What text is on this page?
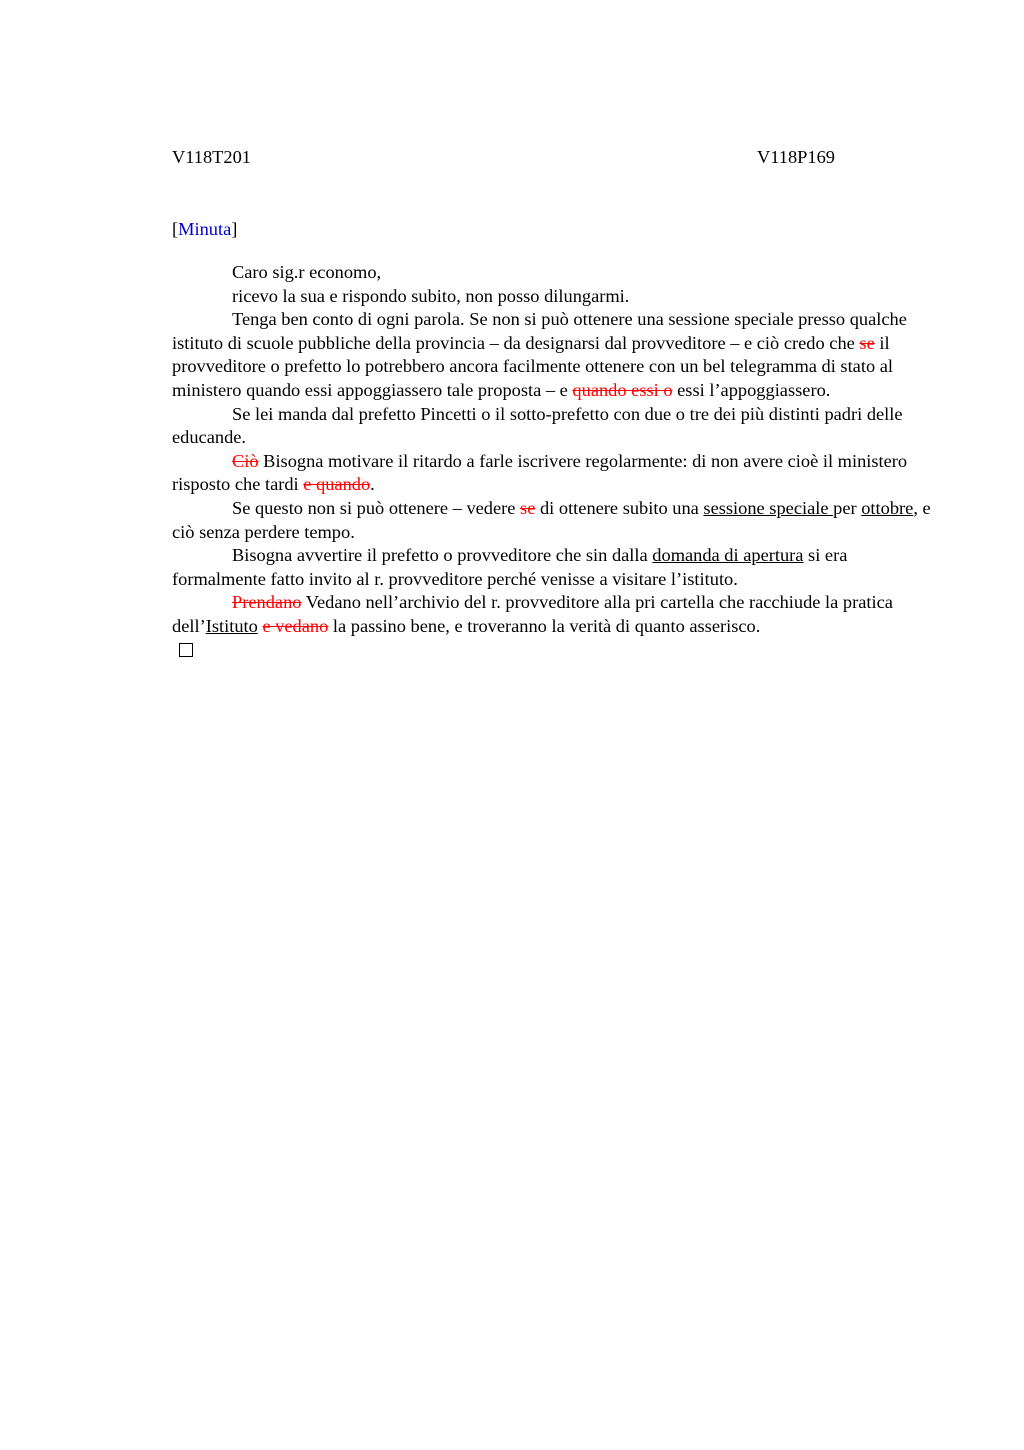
V118T201	V118P169
[Minuta]

Caro sig.r economo,

ricevo la sua e rispondo subito, non posso dilungarmi.

Tenga ben conto di ogni parola. Se non si può ottenere una sessione speciale presso qualche istituto di scuole pubbliche della provincia – da designarsi dal provveditore – e ciò credo che se il provveditore o prefetto lo potrebbero ancora facilmente ottenere con un bel telegramma di stato al ministero quando essi appoggiassero tale proposta – e quando essi o essi l’appoggiassero.

Se lei manda dal prefetto Pincetti o il sotto-prefetto con due o tre dei più distinti padri delle educande.

Ciò Bisogna motivare il ritardo a farle iscrivere regolarmente: di non avere cioè il ministero risposto che tardi e quando.

Se questo non si può ottenere – vedere se di ottenere subito una sessione speciale per ottobre, e ciò senza perdere tempo.

Bisogna avvertire il prefetto o provveditore che sin dalla domanda di apertura si era formalmente fatto invito al r. provveditore perché venisse a visitare l’istituto.

Prendano Vedano nell’archivio del r. provveditore alla pri cartella che racchiude la pratica dell’Istituto e vedano la passino bene, e troveranno la verità di quanto asserisco.
